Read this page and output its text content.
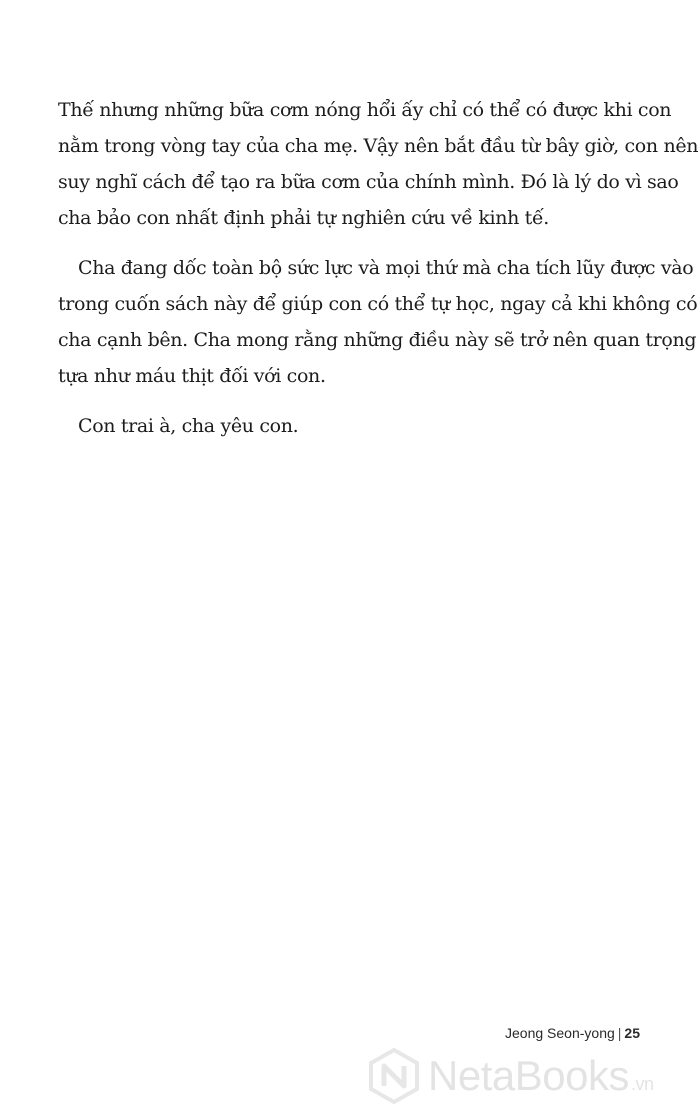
Thế nhưng những bữa cơm nóng hổi ấy chỉ có thể có được khi con
nằm trong vòng tay của cha mẹ. Vậy nên bắt đầu từ bây giờ, con nên
suy nghĩ cách để tạo ra bữa cơm của chính mình. Đó là lý do vì sao
cha bảo con nhất định phải tự nghiên cứu về kinh tế.

Cha đang dốc toàn bộ sức lực và mọi thứ mà cha tích lũy được vào
trong cuốn sách này để giúp con có thể tự học, ngay cả khi không có
cha cạnh bên. Cha mong rằng những điều này sẽ trở nên quan trọng
tựa như máu thịt đối với con.

Con trai à, cha yêu con.

Jeong Seon-yong | 25
NetaBooks .vn
